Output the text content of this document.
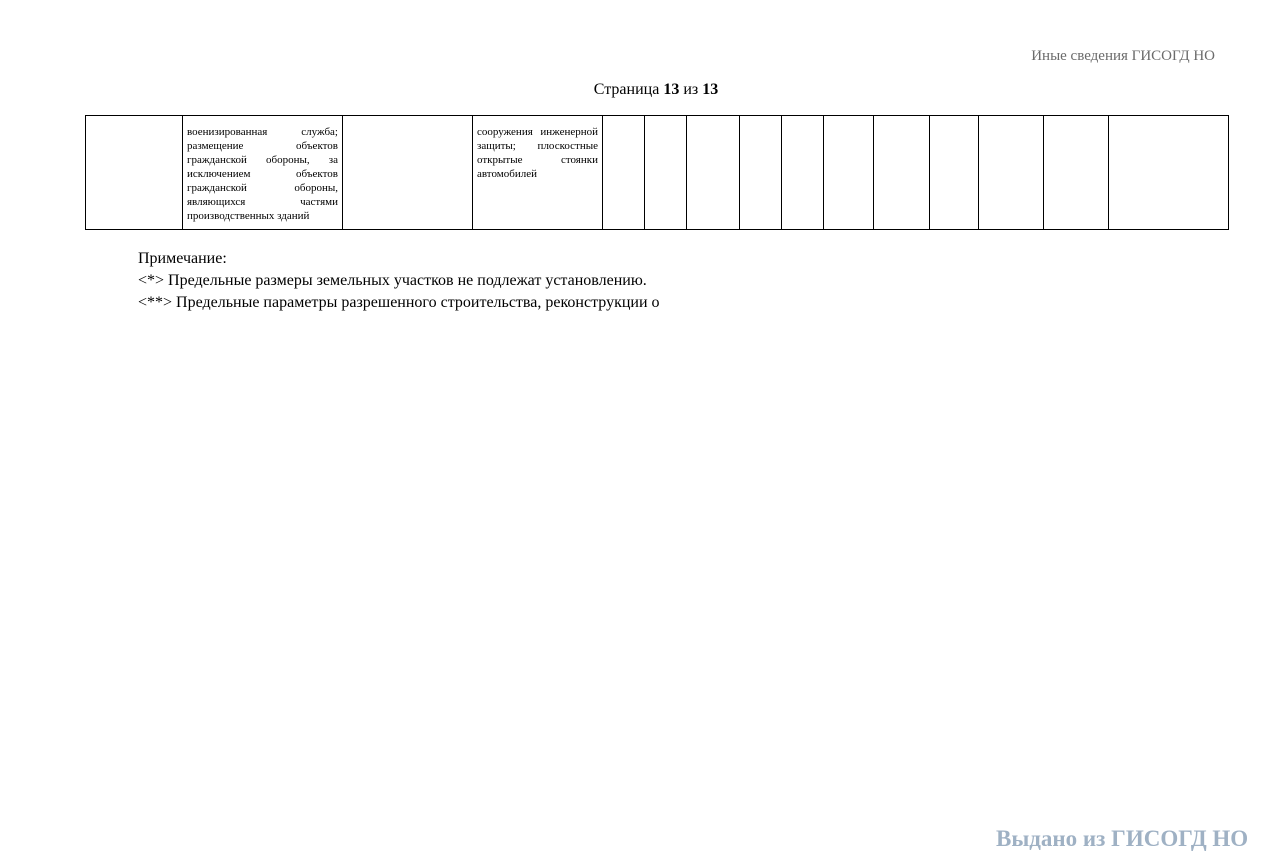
Иные сведения ГИСОГД НО
Страница 13 из 13
	военизированная служба; размещение объектов гражданской обороны, за исключением объектов гражданской обороны, являющихся частями производственных зданий		сооружения инженерной защиты; плоскостные открытые стоянки автомобилей											
Примечание:
<*> Предельные размеры земельных участков не подлежат установлению.
<**> Предельные параметры разрешенного строительства, реконструкции о
Выдано из ГИСОГД НО
